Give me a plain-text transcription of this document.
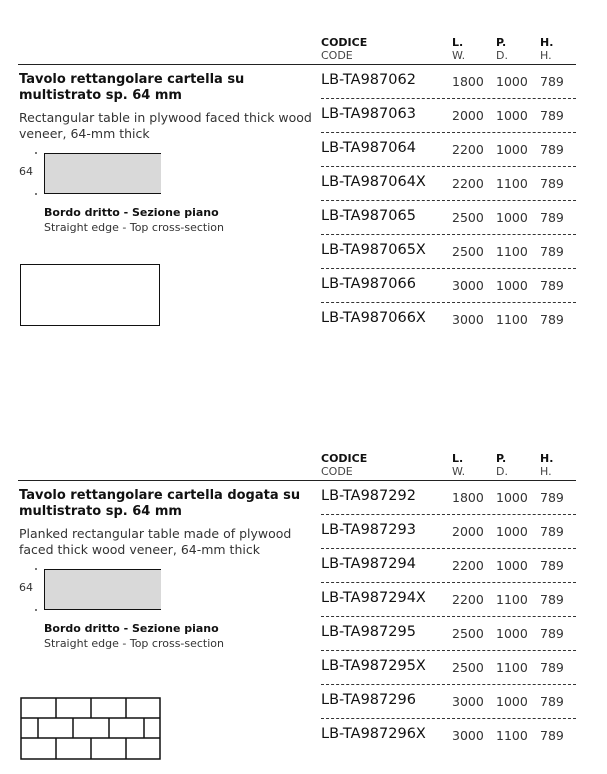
CODICE
CODE
L.
W.
P.
D.
H.
H.
Tavolo rettangolare cartella su multistrato sp. 64 mm
Rectangular table in plywood faced thick wood veneer, 64-mm thick
64
Bordo dritto - Sezione piano
Straight edge - Top cross-section
LB-TA987062	1800 1000 789
LB-TA987063	2000 1000 789
LB-TA987064	2200 1000 789
LB-TA987064X 2200 1100 789
LB-TA987065	2500 1000 789
LB-TA987065X 2500 1100 789
LB-TA987066	3000 1000 789
LB-TA987066X 3000 1100 789
CODICE
CODE
L.
W.
P.
D.
H.
H.
Tavolo rettangolare cartella dogata su multistrato sp. 64 mm
Planked rectangular table made of plywood faced thick wood veneer, 64-mm thick
64
Bordo dritto - Sezione piano
Straight edge - Top cross-section
LB-TA987292	1800 1000 789
LB-TA987293	2000 1000 789
LB-TA987294	2200 1000 789
LB-TA987294X 2200 1100 789
LB-TA987295	2500 1000 789
LB-TA987295X 2500 1100 789
LB-TA987296	3000 1000 789
LB-TA987296X 3000 1100 789
